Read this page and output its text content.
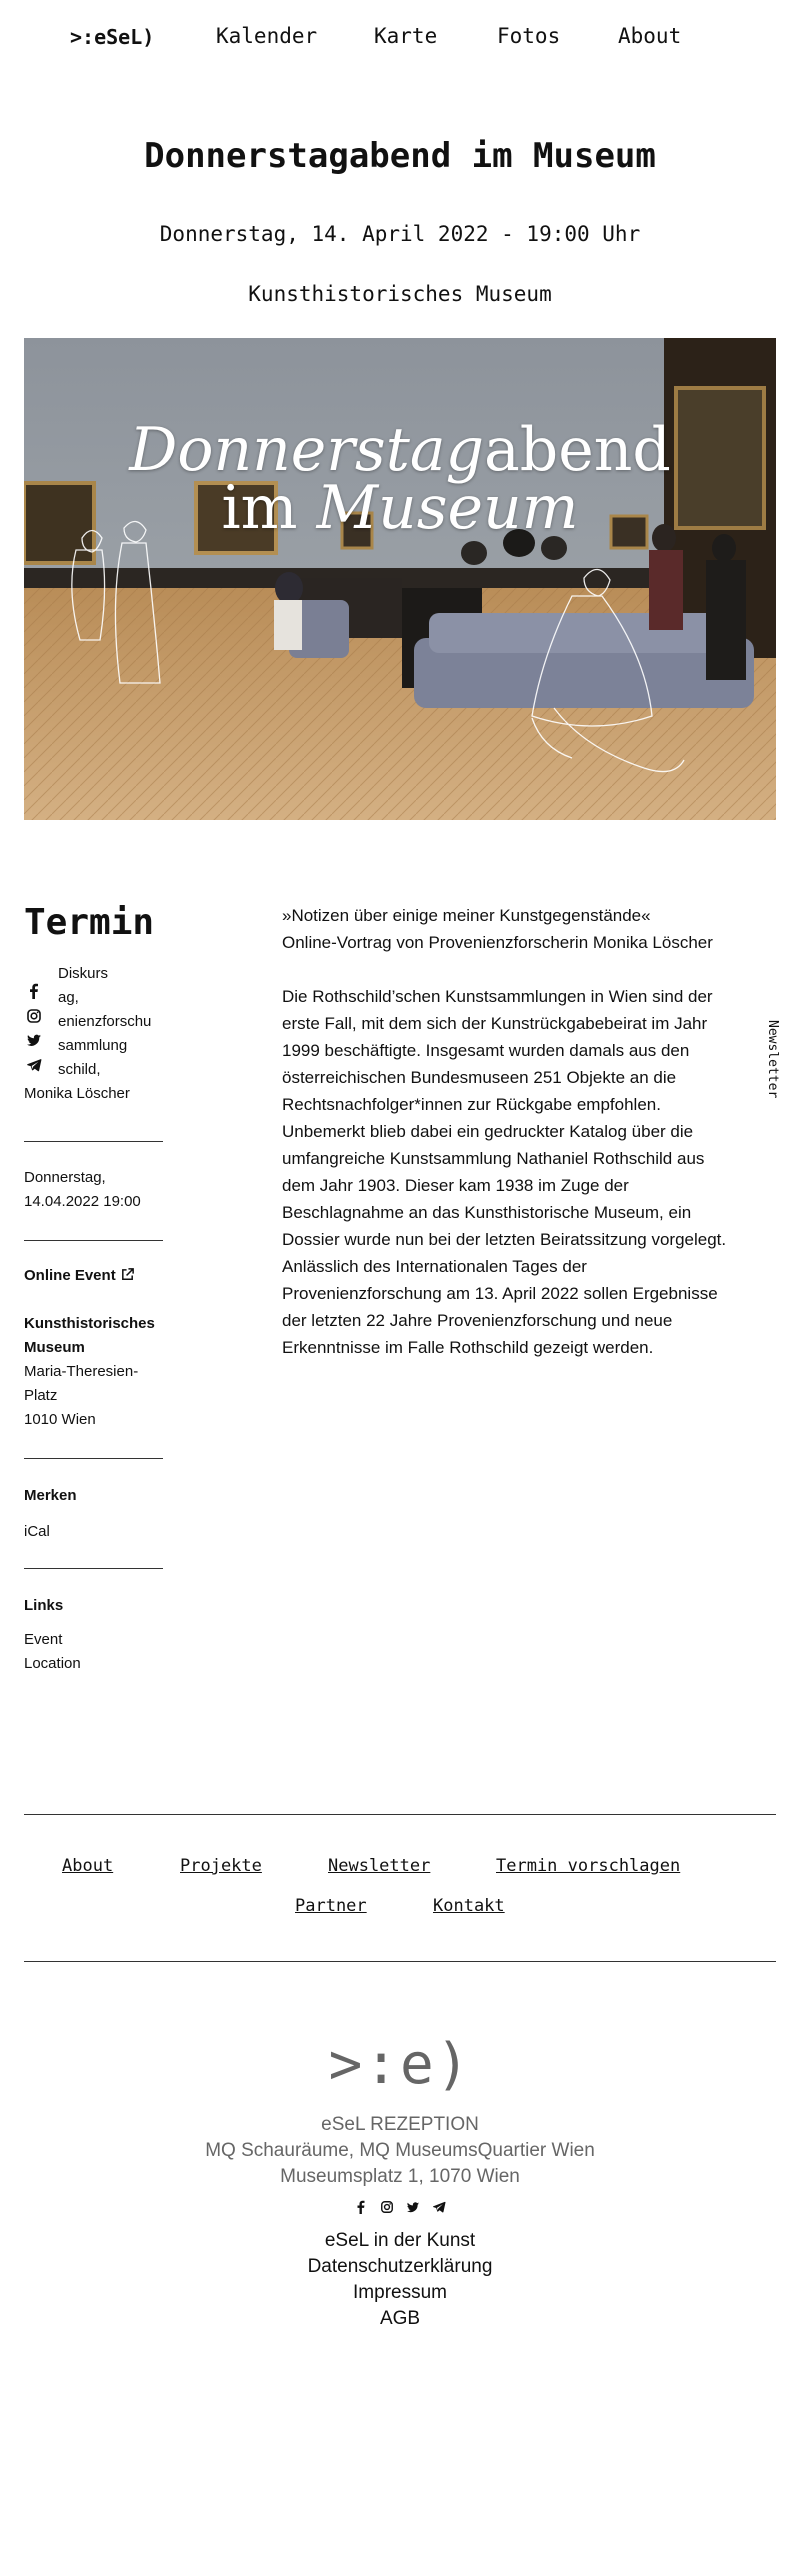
>:eSeL)	Kalender	Karte	Fotos	About
Donnerstagabend im Museum
Donnerstag, 14. April 2022 - 19:00 Uhr
Kunsthistorisches Museum
Donnerstagabend
im Museum
Termin
Diskurs
ag,
enienzforschu
sammlung
schild,
Monika Löscher
Donnerstag,
14.04.2022 19:00
Online Event
Kunsthistorisches
Museum
Maria-Theresien-
Platz
1010 Wien
Merken
iCal
Links
Event
Location

»Notizen über einige meiner Kunstgegenstände«

Online-Vortrag von Provenienzforscherin Monika Löscher

Die Rothschild’schen Kunstsammlungen in Wien sind der

erste Fall, mit dem sich der Kunstrückgabebeirat im Jahr

1999 beschäftigte. Insgesamt wurden damals aus den

österreichischen Bundesmuseen 251 Objekte an die

Rechtsnachfolger*innen zur Rückgabe empfohlen.

Unbemerkt blieb dabei ein gedruckter Katalog über die

umfangreiche Kunstsammlung Nathaniel Rothschild aus

dem Jahr 1903. Dieser kam 1938 im Zuge der

Beschlagnahme an das Kunsthistorische Museum, ein

Dossier wurde nun bei der letzten Beiratssitzung vorgelegt.

Anlässlich des Internationalen Tages der

Provenienzforschung am 13. April 2022 sollen Ergebnisse

der letzten 22 Jahre Provenienzforschung und neue

Erkenntnisse im Falle Rothschild gezeigt werden.

Newsletter
About	Projekte	Newsletter	Termin vorschlagen
Partner	Kontakt
>:e)
eSeL REZEPTION
MQ Schauräume, MQ MuseumsQuartier Wien
Museumsplatz 1, 1070 Wien
eSeL in der Kunst
Datenschutzerklärung
Impressum
AGB
